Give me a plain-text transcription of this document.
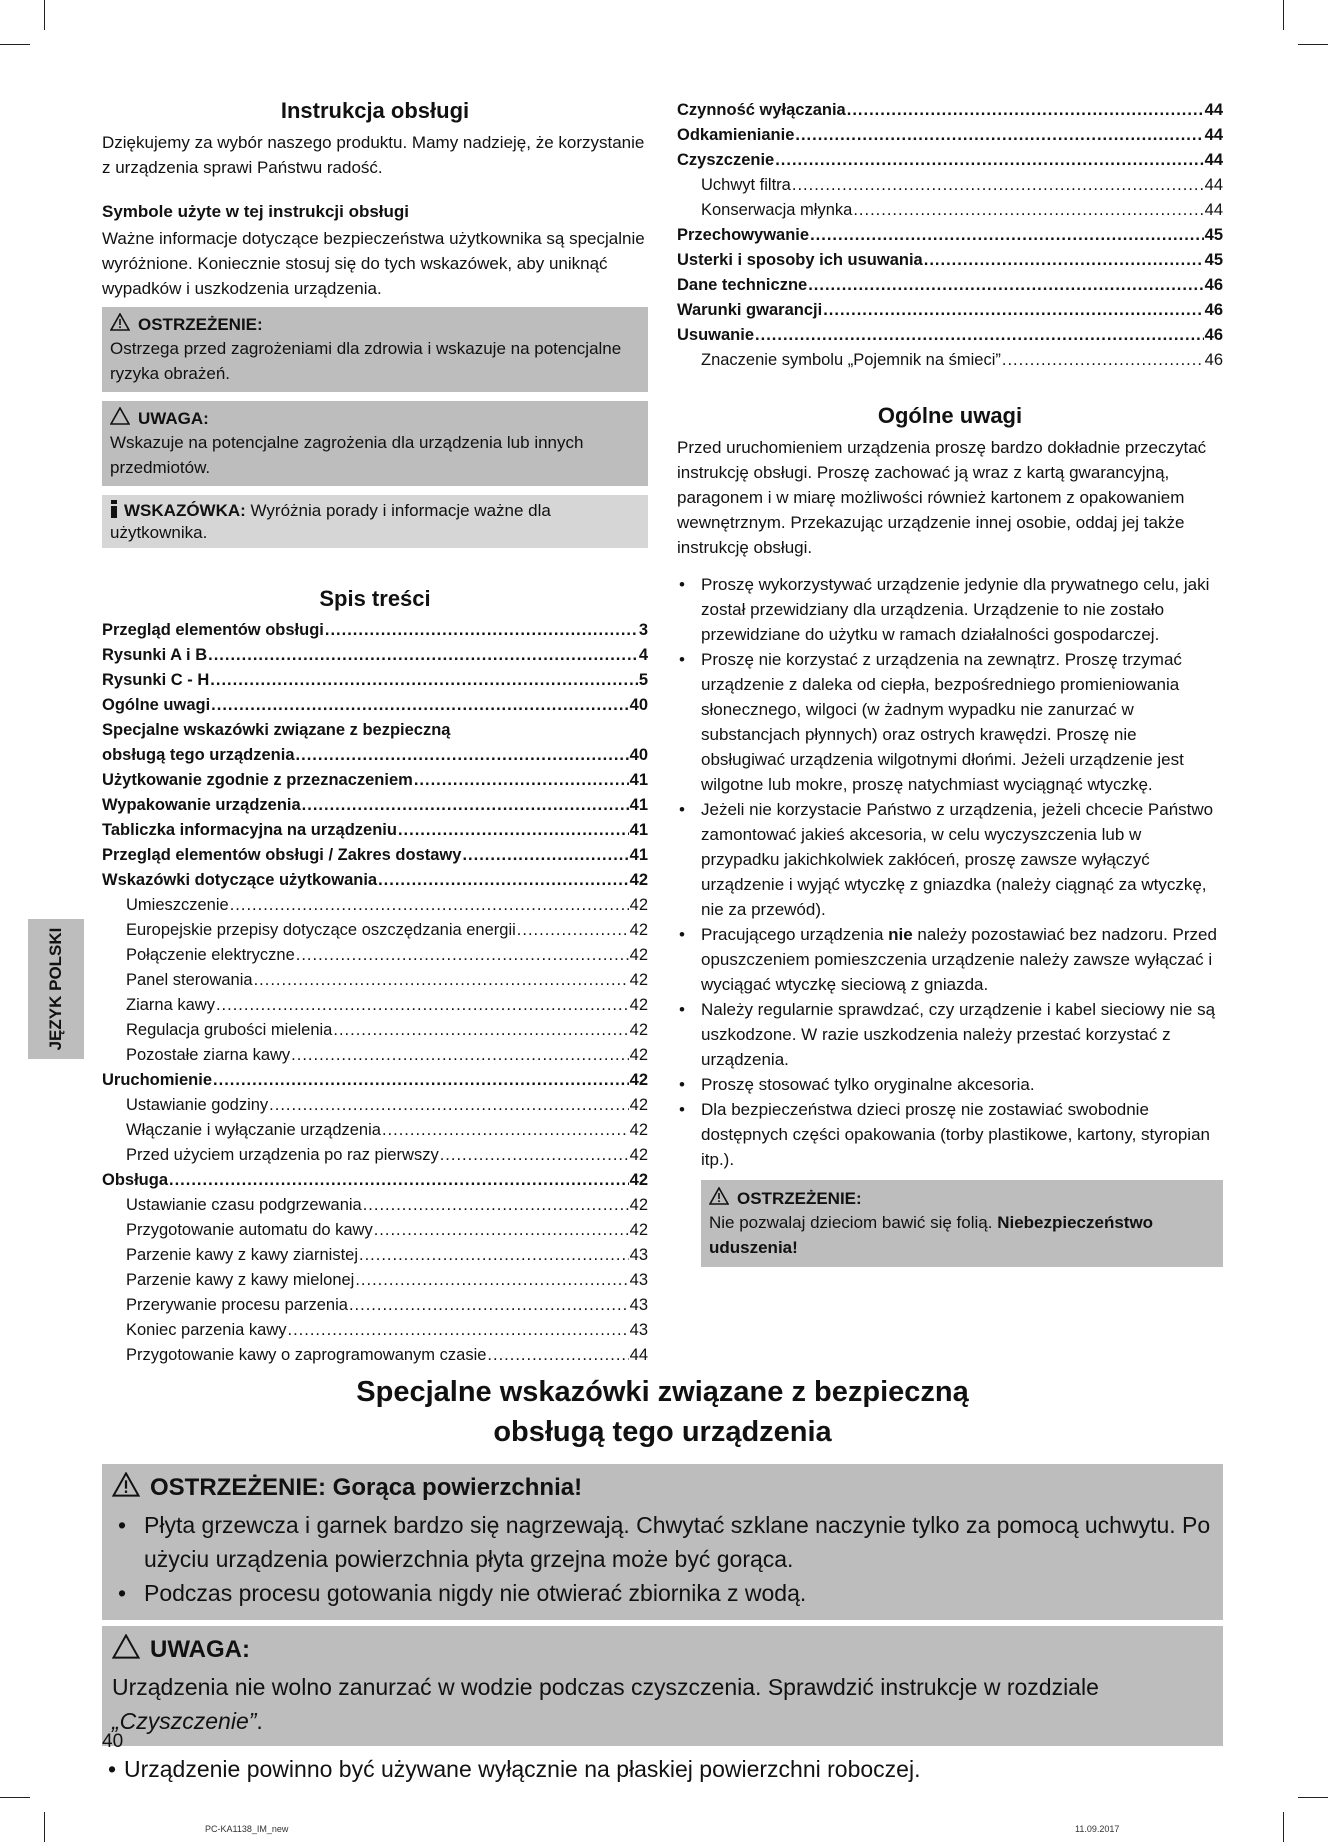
JĘZYK POLSKI
Instrukcja obsługi

Dziękujemy za wybór naszego produktu. Mamy nadzieję, że korzystanie z urządzenia sprawi Państwu radość.

Symbole użyte w tej instrukcji obsługi

Ważne informacje dotyczące bezpieczeństwa użytkownika są specjalnie wyróżnione. Koniecznie stosuj się do tych wskazówek, aby uniknąć wypadków i uszkodzenia urządzenia.

OSTRZEŻENIE:
Ostrzega przed zagrożeniami dla zdrowia i wskazuje na potencjalne ryzyka obrażeń.
UWAGA:
Wskazuje na potencjalne zagrożenia dla urządzenia lub innych przedmiotów.
WSKAZÓWKA: Wyróżnia porady i informacje ważne dla użytkownika.
Spis treści
Przegląd elementów obsługi .....	3
Rysunki A i B .....	4
Rysunki C - H .....	5
Ogólne uwagi .....	40
Specjalne wskazówki związane z bezpieczną
obsługą tego urządzenia .....	40
Użytkowanie zgodnie z przeznaczeniem .....	41
Wypakowanie urządzenia .....	41
Tabliczka informacyjna na urządzeniu .....	41
Przegląd elementów obsługi / Zakres dostawy .....	41
Wskazówki dotyczące użytkowania .....	42
Umieszczenie .....	42
Europejskie przepisy dotyczące oszczędzania energii .....	42
Połączenie elektryczne .....	42
Panel sterowania .....	42
Ziarna kawy .....	42
Regulacja grubości mielenia .....	42
Pozostałe ziarna kawy .....	42
Uruchomienie .....	42
Ustawianie godziny .....	42
Włączanie i wyłączanie urządzenia .....	42
Przed użyciem urządzenia po raz pierwszy .....	42
Obsługa .....	42
Ustawianie czasu podgrzewania .....	42
Przygotowanie automatu do kawy .....	42
Parzenie kawy z kawy ziarnistej .....	43
Parzenie kawy z kawy mielonej .....	43
Przerywanie procesu parzenia .....	43
Koniec parzenia kawy .....	43
Przygotowanie kawy o zaprogramowanym czasie .....	44
Czynność wyłączania .....	44
Odkamienianie .....	44
Czyszczenie .....	44
Uchwyt filtra .....	44
Konserwacja młynka .....	44
Przechowywanie .....	45
Usterki i sposoby ich usuwania .....	45
Dane techniczne .....	46
Warunki gwarancji .....	46
Usuwanie .....	46
Znaczenie symbolu „Pojemnik na śmieci” .....	46
Ogólne uwagi

Przed uruchomieniem urządzenia proszę bardzo dokładnie przeczytać instrukcję obsługi. Proszę zachować ją wraz z kartą gwarancyjną, paragonem i w miarę możliwości również kartonem z opakowaniem wewnętrznym. Przekazując urządzenie innej osobie, oddaj jej także instrukcję obsługi.

• Proszę wykorzystywać urządzenie jedynie dla prywatnego celu, jaki został przewidziany dla urządzenia. Urządzenie to nie zostało przewidziane do użytku w ramach działalności gospodarczej.
• Proszę nie korzystać z urządzenia na zewnątrz. Proszę trzymać urządzenie z daleka od ciepła, bezpośredniego promieniowania słonecznego, wilgoci (w żadnym wypadku nie zanurzać w substancjach płynnych) oraz ostrych krawędzi. Proszę nie obsługiwać urządzenia wilgotnymi dłońmi. Jeżeli urządzenie jest wilgotne lub mokre, proszę natychmiast wyciągnąć wtyczkę.
• Jeżeli nie korzystacie Państwo z urządzenia, jeżeli chcecie Państwo zamontować jakieś akcesoria, w celu wyczyszczenia lub w przypadku jakichkolwiek zakłóceń, proszę zawsze wyłączyć urządzenie i wyjąć wtyczkę z gniazdka (należy ciągnąć za wtyczkę, nie za przewód).
• Pracującego urządzenia nie należy pozostawiać bez nadzoru. Przed opuszczeniem pomieszczenia urządzenie należy zawsze wyłączać i wyciągać wtyczkę sieciową z gniazda.
• Należy regularnie sprawdzać, czy urządzenie i kabel sieciowy nie są uszkodzone. W razie uszkodzenia należy przestać korzystać z urządzenia.
• Proszę stosować tylko oryginalne akcesoria.
• Dla bezpieczeństwa dzieci proszę nie zostawiać swobodnie dostępnych części opakowania (torby plastikowe, kartony, styropian itp.).
OSTRZEŻENIE:
Nie pozwalaj dzieciom bawić się folią. Niebezpieczeństwo uduszenia!
Specjalne wskazówki związane z bezpieczną
obsługą tego urządzenia
OSTRZEŻENIE: Gorąca powierzchnia!
• Płyta grzewcza i garnek bardzo się nagrzewają. Chwytać szklane naczynie tylko za pomocą uchwytu. Po użyciu urządzenia powierzchnia płyta grzejna może być gorąca.
• Podczas procesu gotowania nigdy nie otwierać zbiornika z wodą.
UWAGA:
Urządzenia nie wolno zanurzać w wodzie podczas czyszczenia. Sprawdzić instrukcje w rozdziale „Czyszczenie”.
• Urządzenie powinno być używane wyłącznie na płaskiej powierzchni roboczej.
40
PC-KA1138_IM_new	11.09.2017
